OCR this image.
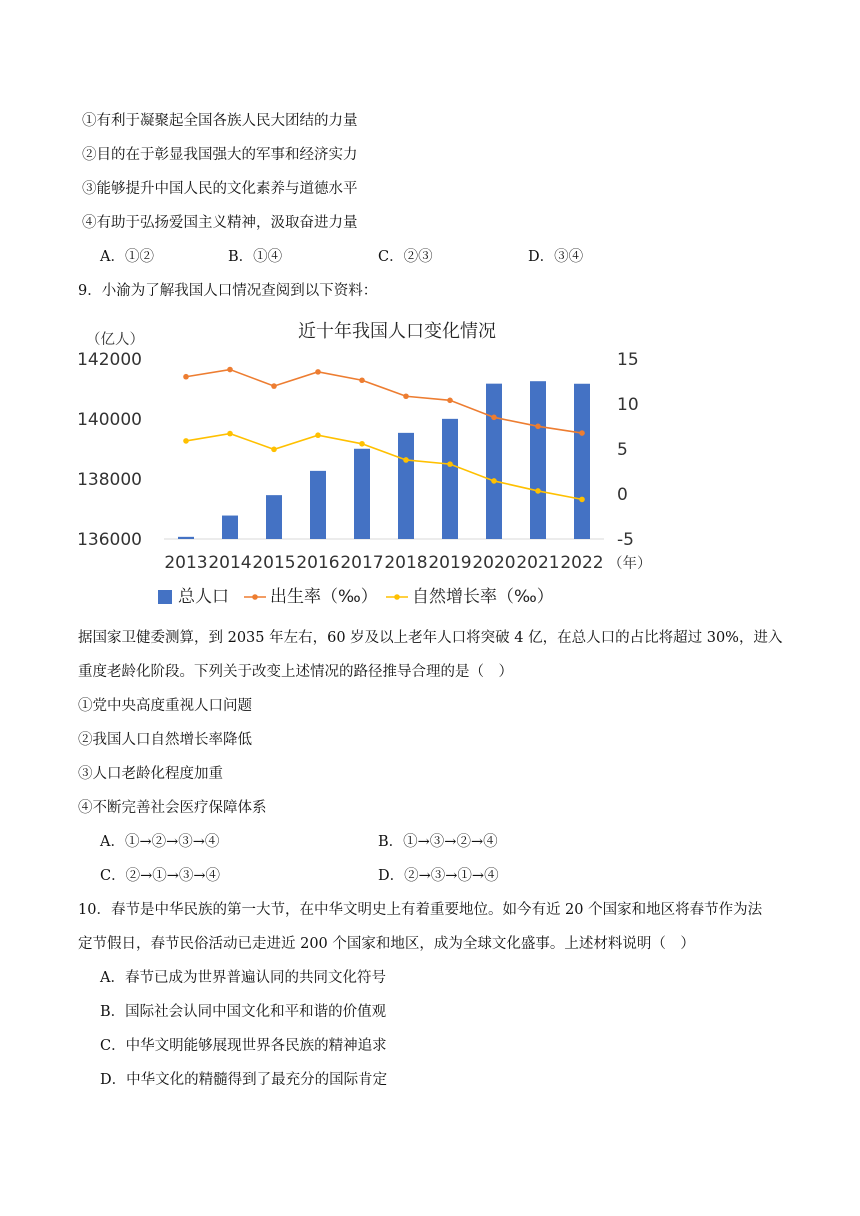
①有利于凝聚起全国各族人民大团结的力量
②目的在于彰显我国强大的军事和经济实力
③能够提升中国人民的文化素养与道德水平
④有助于弘扬爱国主义精神，汲取奋进力量
A．①②	B．①④	C．②③	D．③④
9．小渝为了解我国人口情况查阅到以下资料：
近十年我国人口变化情况
（亿人）
142000
140000
138000
136000
15
10
5
0
-5
2013 2014 2015 2016 2017 2018 2019 2020 2021 2022 （年）
总人口 出生率（‰） 自然增长率（‰）
据国家卫健委测算，到 2035 年左右，60 岁及以上老年人口将突破 4 亿，在总人口的占比将超过 30%，进入
重度老龄化阶段。下列关于改变上述情况的路径推导合理的是（　）
①党中央高度重视人口问题
②我国人口自然增长率降低
③人口老龄化程度加重
④不断完善社会医疗保障体系
A．①→②→③→④	B．①→③→②→④
C．②→①→③→④	D．②→③→①→④
10．春节是中华民族的第一大节，在中华文明史上有着重要地位。如今有近 20 个国家和地区将春节作为法
定节假日，春节民俗活动已走进近 200 个国家和地区，成为全球文化盛事。上述材料说明（　）
A．春节已成为世界普遍认同的共同文化符号
B．国际社会认同中国文化和平和谐的价值观
C．中华文明能够展现世界各民族的精神追求
D．中华文化的精髓得到了最充分的国际肯定
